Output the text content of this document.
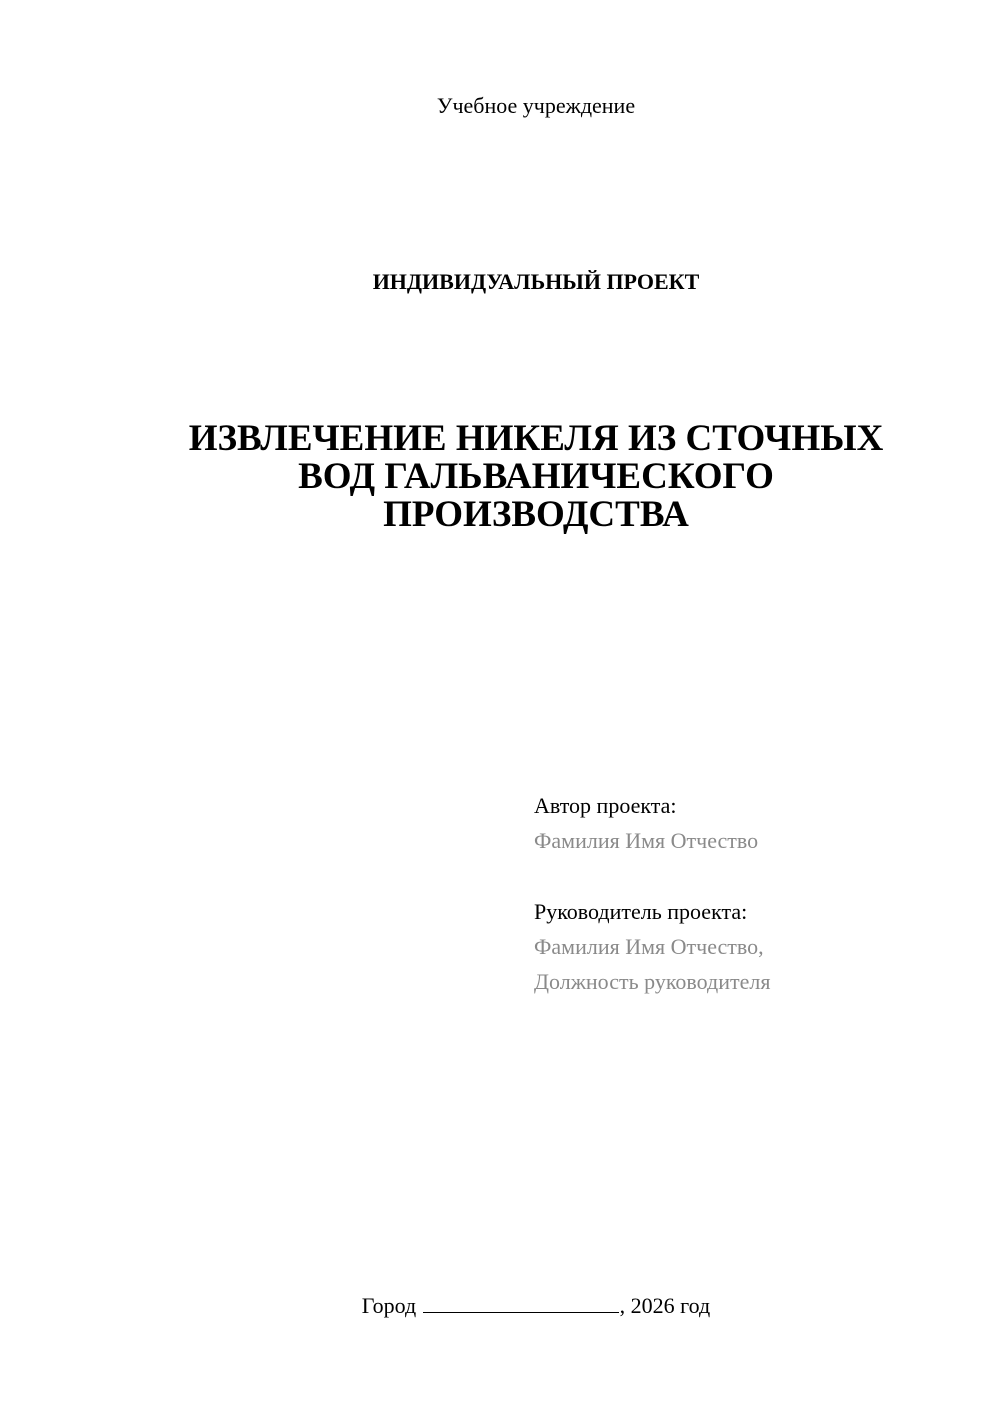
Учебное учреждение
ИНДИВИДУАЛЬНЫЙ ПРОЕКТ
ИЗВЛЕЧЕНИЕ НИКЕЛЯ ИЗ СТОЧНЫХ
ВОД ГАЛЬВАНИЧЕСКОГО
ПРОИЗВОДСТВА
Автор проекта:
Фамилия Имя Отчество
Руководитель проекта:
Фамилия Имя Отчество,
Должность руководителя
Город	, 2026 год
